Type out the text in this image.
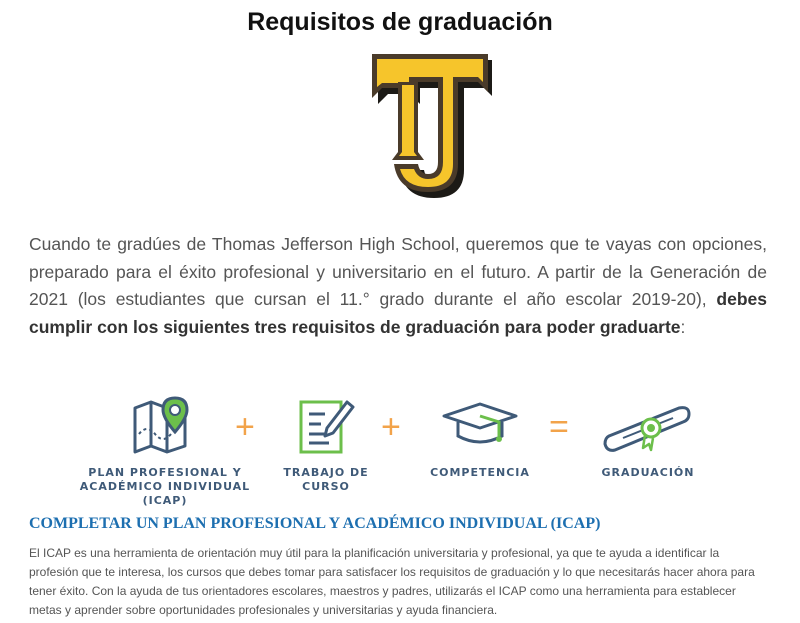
Requisitos de graduación

Cuando te gradúes de Thomas Jefferson High School, queremos que te vayas con opciones, preparado para el éxito profesional y universitario en el futuro. A partir de la Generación de 2021 (los estudiantes que cursan el 11.° grado durante el año escolar 2019-20), debes cumplir con los siguientes tres requisitos de graduación para poder graduarte:

PLAN PROFESIONAL Y
ACADÉMICO INDIVIDUAL (ICAP)
+
TRABAJO DE
CURSO
+
COMPETENCIA
=
GRADUACIÓN
COMPLETAR UN PLAN PROFESIONAL Y ACADÉMICO INDIVIDUAL (ICAP)

El ICAP es una herramienta de orientación muy útil para la planificación universitaria y profesional, ya que te ayuda a identificar la profesión que te interesa, los cursos que debes tomar para satisfacer los requisitos de graduación y lo que necesitarás hacer ahora para tener éxito. Con la ayuda de tus orientadores escolares, maestros y padres, utilizarás el ICAP como una herramienta para establecer metas y aprender sobre oportunidades profesionales y universitarias y ayuda financiera.
